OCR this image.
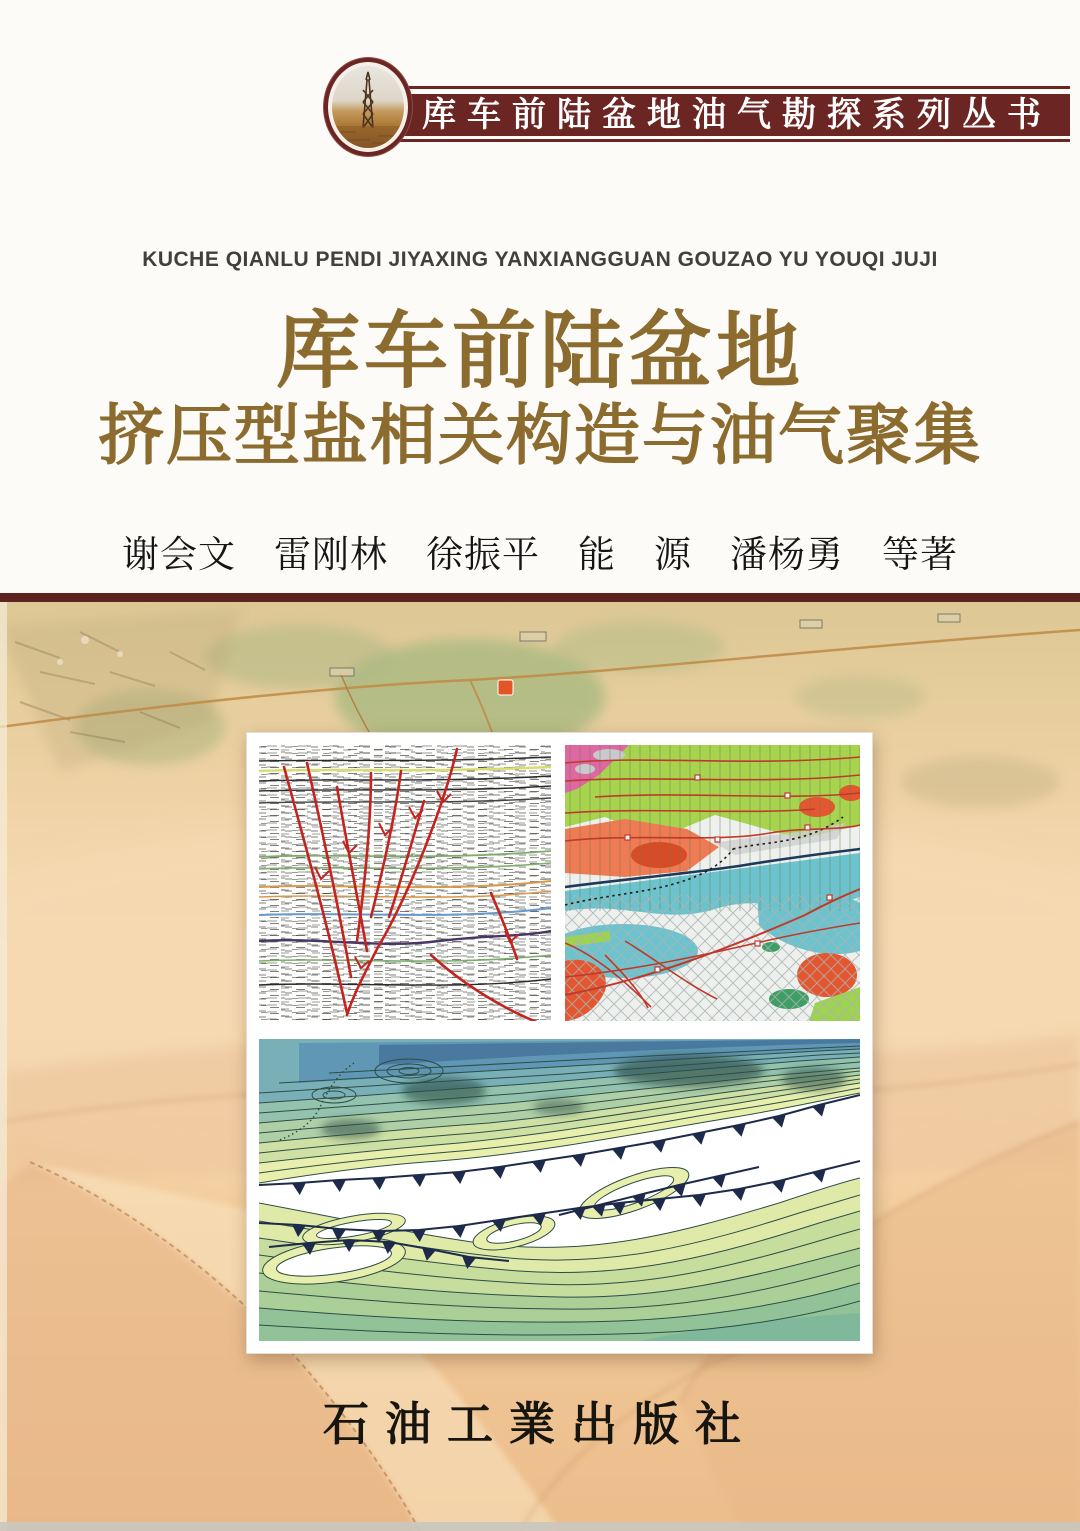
库车前陆盆地油气勘探系列丛书
KUCHE QIANLU PENDI JIYAXING YANXIANGGUAN GOUZAO YU YOUQI JUJI
库车前陆盆地
挤压型盐相关构造与油气聚集
谢会文　雷刚林　徐振平　能　源　潘杨勇　等著
石油工業出版社
